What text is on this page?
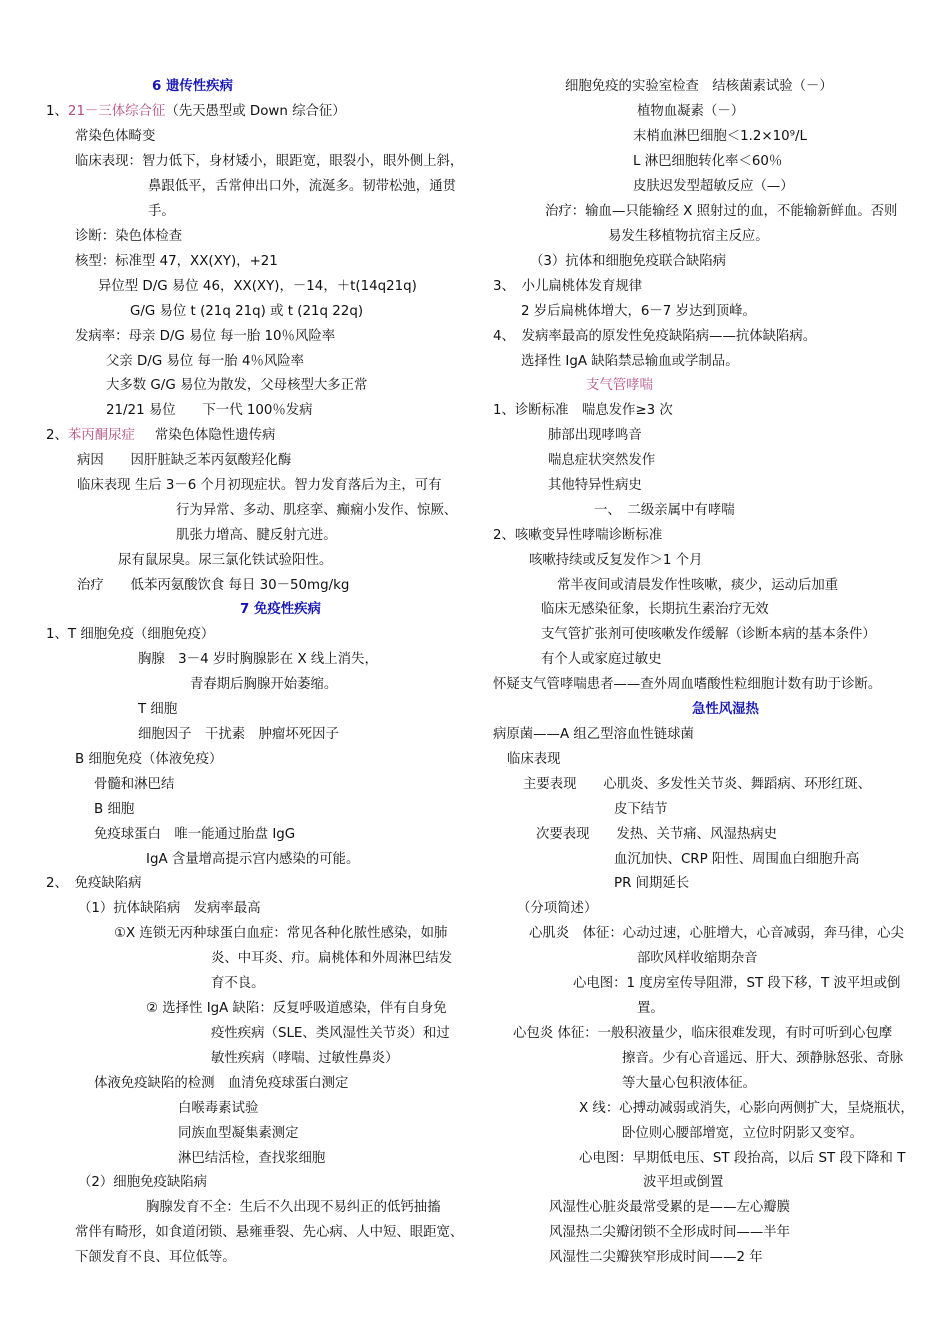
6 遗传性疾病
1、21－三体综合征（先天愚型或 Down 综合征）
常染色体畸变
临床表现：智力低下，身材矮小，眼距宽，眼裂小，眼外侧上斜，
鼻跟低平，舌常伸出口外，流涎多。韧带松弛，通贯
手。
诊断：染色体检查
核型：标准型 47，XX(XY)，+21
异位型 D/G 易位 46，XX(XY)，－14，＋t(14q21q)
G/G 易位 t (21q 21q) 或 t (21q 22q)
发病率：母亲 D/G 易位 每一胎 10％风险率
父亲 D/G 易位 每一胎 4％风险率
大多数 G/G 易位为散发，父母核型大多正常
21/21 易位　　下一代 100％发病
2、苯丙酮尿症 常染色体隐性遗传病
病因　　因肝脏缺乏苯丙氨酸羟化酶
临床表现 生后 3－6 个月初现症状。智力发育落后为主，可有
行为异常、多动、肌痉挛、癫痫小发作、惊厥、
肌张力增高、腱反射亢进。
尿有鼠尿臭。尿三氯化铁试验阳性。
治疗　　低苯丙氨酸饮食 每日 30－50mg/kg
7 免疫性疾病
1、T 细胞免疫（细胞免疫）
胸腺　3－4 岁时胸腺影在 X 线上消失，
青春期后胸腺开始萎缩。
T 细胞
细胞因子　干扰素　肿瘤坏死因子
B 细胞免疫（体液免疫）
骨髓和淋巴结
B 细胞
免疫球蛋白　唯一能通过胎盘 IgG
IgA 含量增高提示宫内感染的可能。
2、　免疫缺陷病
（1）抗体缺陷病　发病率最高
①X 连锁无丙种球蛋白血症：常见各种化脓性感染，如肺
炎、中耳炎、疖。扁桃体和外周淋巴结发
育不良。
② 选择性 IgA 缺陷：反复呼吸道感染，伴有自身免
疫性疾病（SLE、类风湿性关节炎）和过
敏性疾病（哮喘、过敏性鼻炎）
体液免疫缺陷的检测　血清免疫球蛋白测定
白喉毒素试验
同族血型凝集素测定
淋巴结活检，查找浆细胞
（2）细胞免疫缺陷病
胸腺发育不全：生后不久出现不易纠正的低钙抽搐
常伴有畸形，如食道闭锁、悬雍垂裂、先心病、人中短、眼距宽、
下颌发育不良、耳位低等。
细胞免疫的实验室检查　结核菌素试验（－）
植物血凝素（－）
末梢血淋巴细胞＜1.2×10⁹/L
L 淋巴细胞转化率＜60％
皮肤迟发型超敏反应（—）
治疗：输血—只能输经 X 照射过的血，不能输新鲜血。否则
易发生移植物抗宿主反应。
（3）抗体和细胞免疫联合缺陷病
3、　小儿扁桃体发育规律
2 岁后扁桃体增大，6－7 岁达到顶峰。
4、　发病率最高的原发性免疫缺陷病——抗体缺陷病。
选择性 IgA 缺陷禁忌输血或学制品。
支气管哮喘
1、诊断标准　喘息发作≥3 次
肺部出现哮鸣音
喘息症状突然发作
其他特异性病史
一、　二级亲属中有哮喘
2、咳嗽变异性哮喘诊断标准
咳嗽持续或反复发作＞1 个月
常半夜间或清晨发作性咳嗽，痰少，运动后加重
临床无感染征象，长期抗生素治疗无效
支气管扩张剂可使咳嗽发作缓解（诊断本病的基本条件）
有个人或家庭过敏史
怀疑支气管哮喘患者——查外周血嗜酸性粒细胞计数有助于诊断。
急性风湿热
病原菌——A 组乙型溶血性链球菌
临床表现
主要表现　　心肌炎、多发性关节炎、舞蹈病、环形红斑、
皮下结节
次要表现　　发热、关节痛、风湿热病史
血沉加快、CRP 阳性、周围血白细胞升高
PR 间期延长
（分项简述）
心肌炎　体征：心动过速，心脏增大，心音减弱，奔马律，心尖
部吹风样收缩期杂音
心电图：1 度房室传导阻滞，ST 段下移，T 波平坦或倒
置。
心包炎 体征：一般积液量少，临床很难发现，有时可听到心包摩
擦音。少有心音遥远、肝大、颈静脉怒张、奇脉
等大量心包积液体征。
X 线：心搏动减弱或消失，心影向两侧扩大，呈烧瓶状，
卧位则心腰部增宽，立位时阴影又变窄。
心电图：早期低电压、ST 段抬高，以后 ST 段下降和 T
波平坦或倒置
风湿性心脏炎最常受累的是——左心瓣膜
风湿热二尖瓣闭锁不全形成时间——半年
风湿性二尖瓣狭窄形成时间——2 年
